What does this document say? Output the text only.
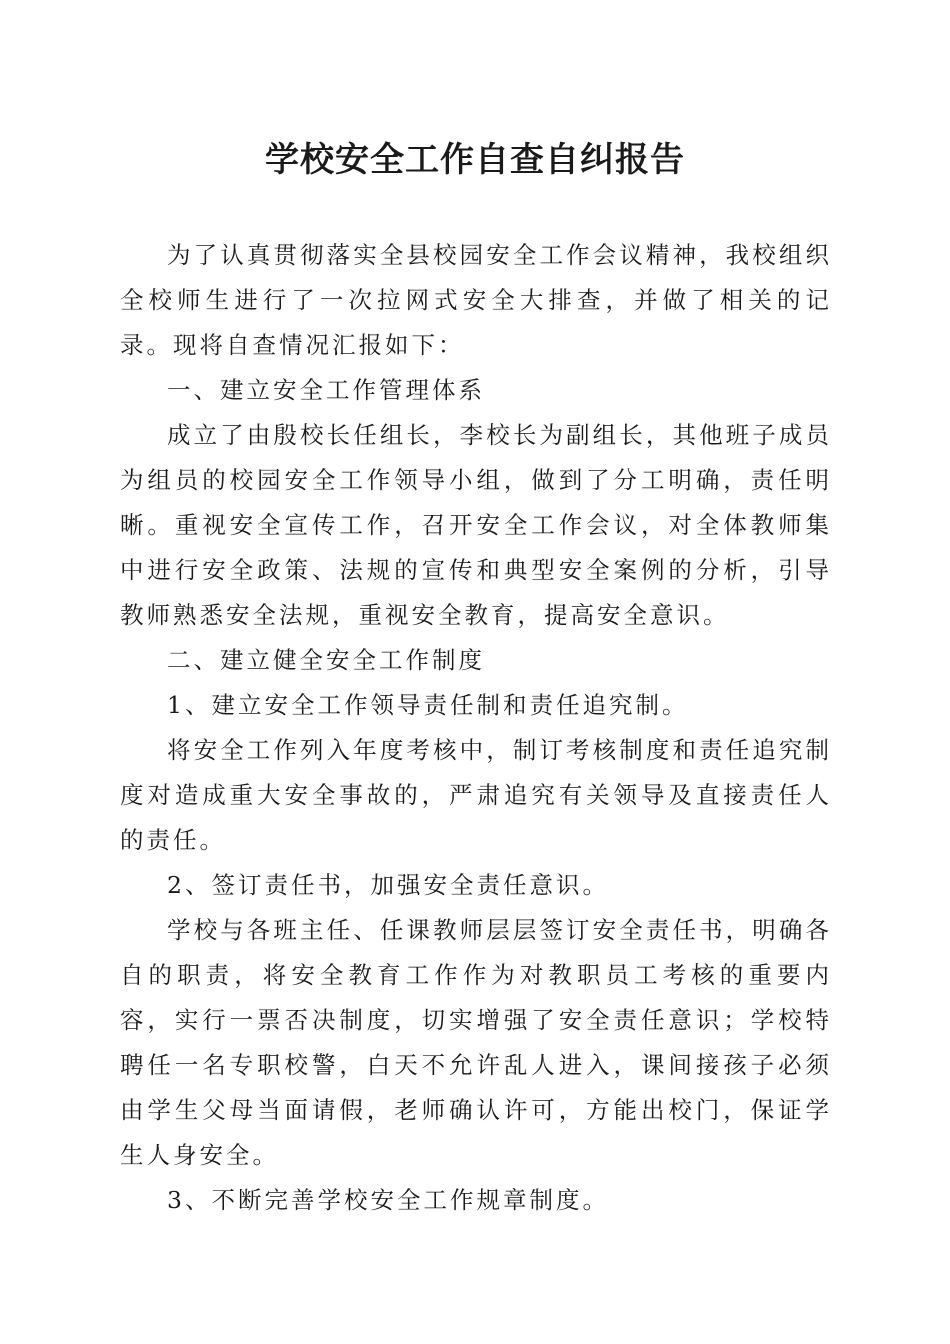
学校安全工作自查自纠报告

为了认真贯彻落实全县校园安全工作会议精神，我校组织全校师生进行了一次拉网式安全大排查，并做了相关的记录。现将自查情况汇报如下：

一、建立安全工作管理体系

成立了由殷校长任组长，李校长为副组长，其他班子成员为组员的校园安全工作领导小组，做到了分工明确，责任明晰。重视安全宣传工作，召开安全工作会议，对全体教师集中进行安全政策、法规的宣传和典型安全案例的分析，引导教师熟悉安全法规，重视安全教育，提高安全意识。

二、建立健全安全工作制度

1、建立安全工作领导责任制和责任追究制。

将安全工作列入年度考核中，制订考核制度和责任追究制度对造成重大安全事故的，严肃追究有关领导及直接责任人的责任。

2、签订责任书，加强安全责任意识。

学校与各班主任、任课教师层层签订安全责任书，明确各自的职责，将安全教育工作作为对教职员工考核的重要内容，实行一票否决制度，切实增强了安全责任意识；学校特聘任一名专职校警，白天不允许乱人进入，课间接孩子必须由学生父母当面请假，老师确认许可，方能出校门，保证学生人身安全。

3、不断完善学校安全工作规章制度。
